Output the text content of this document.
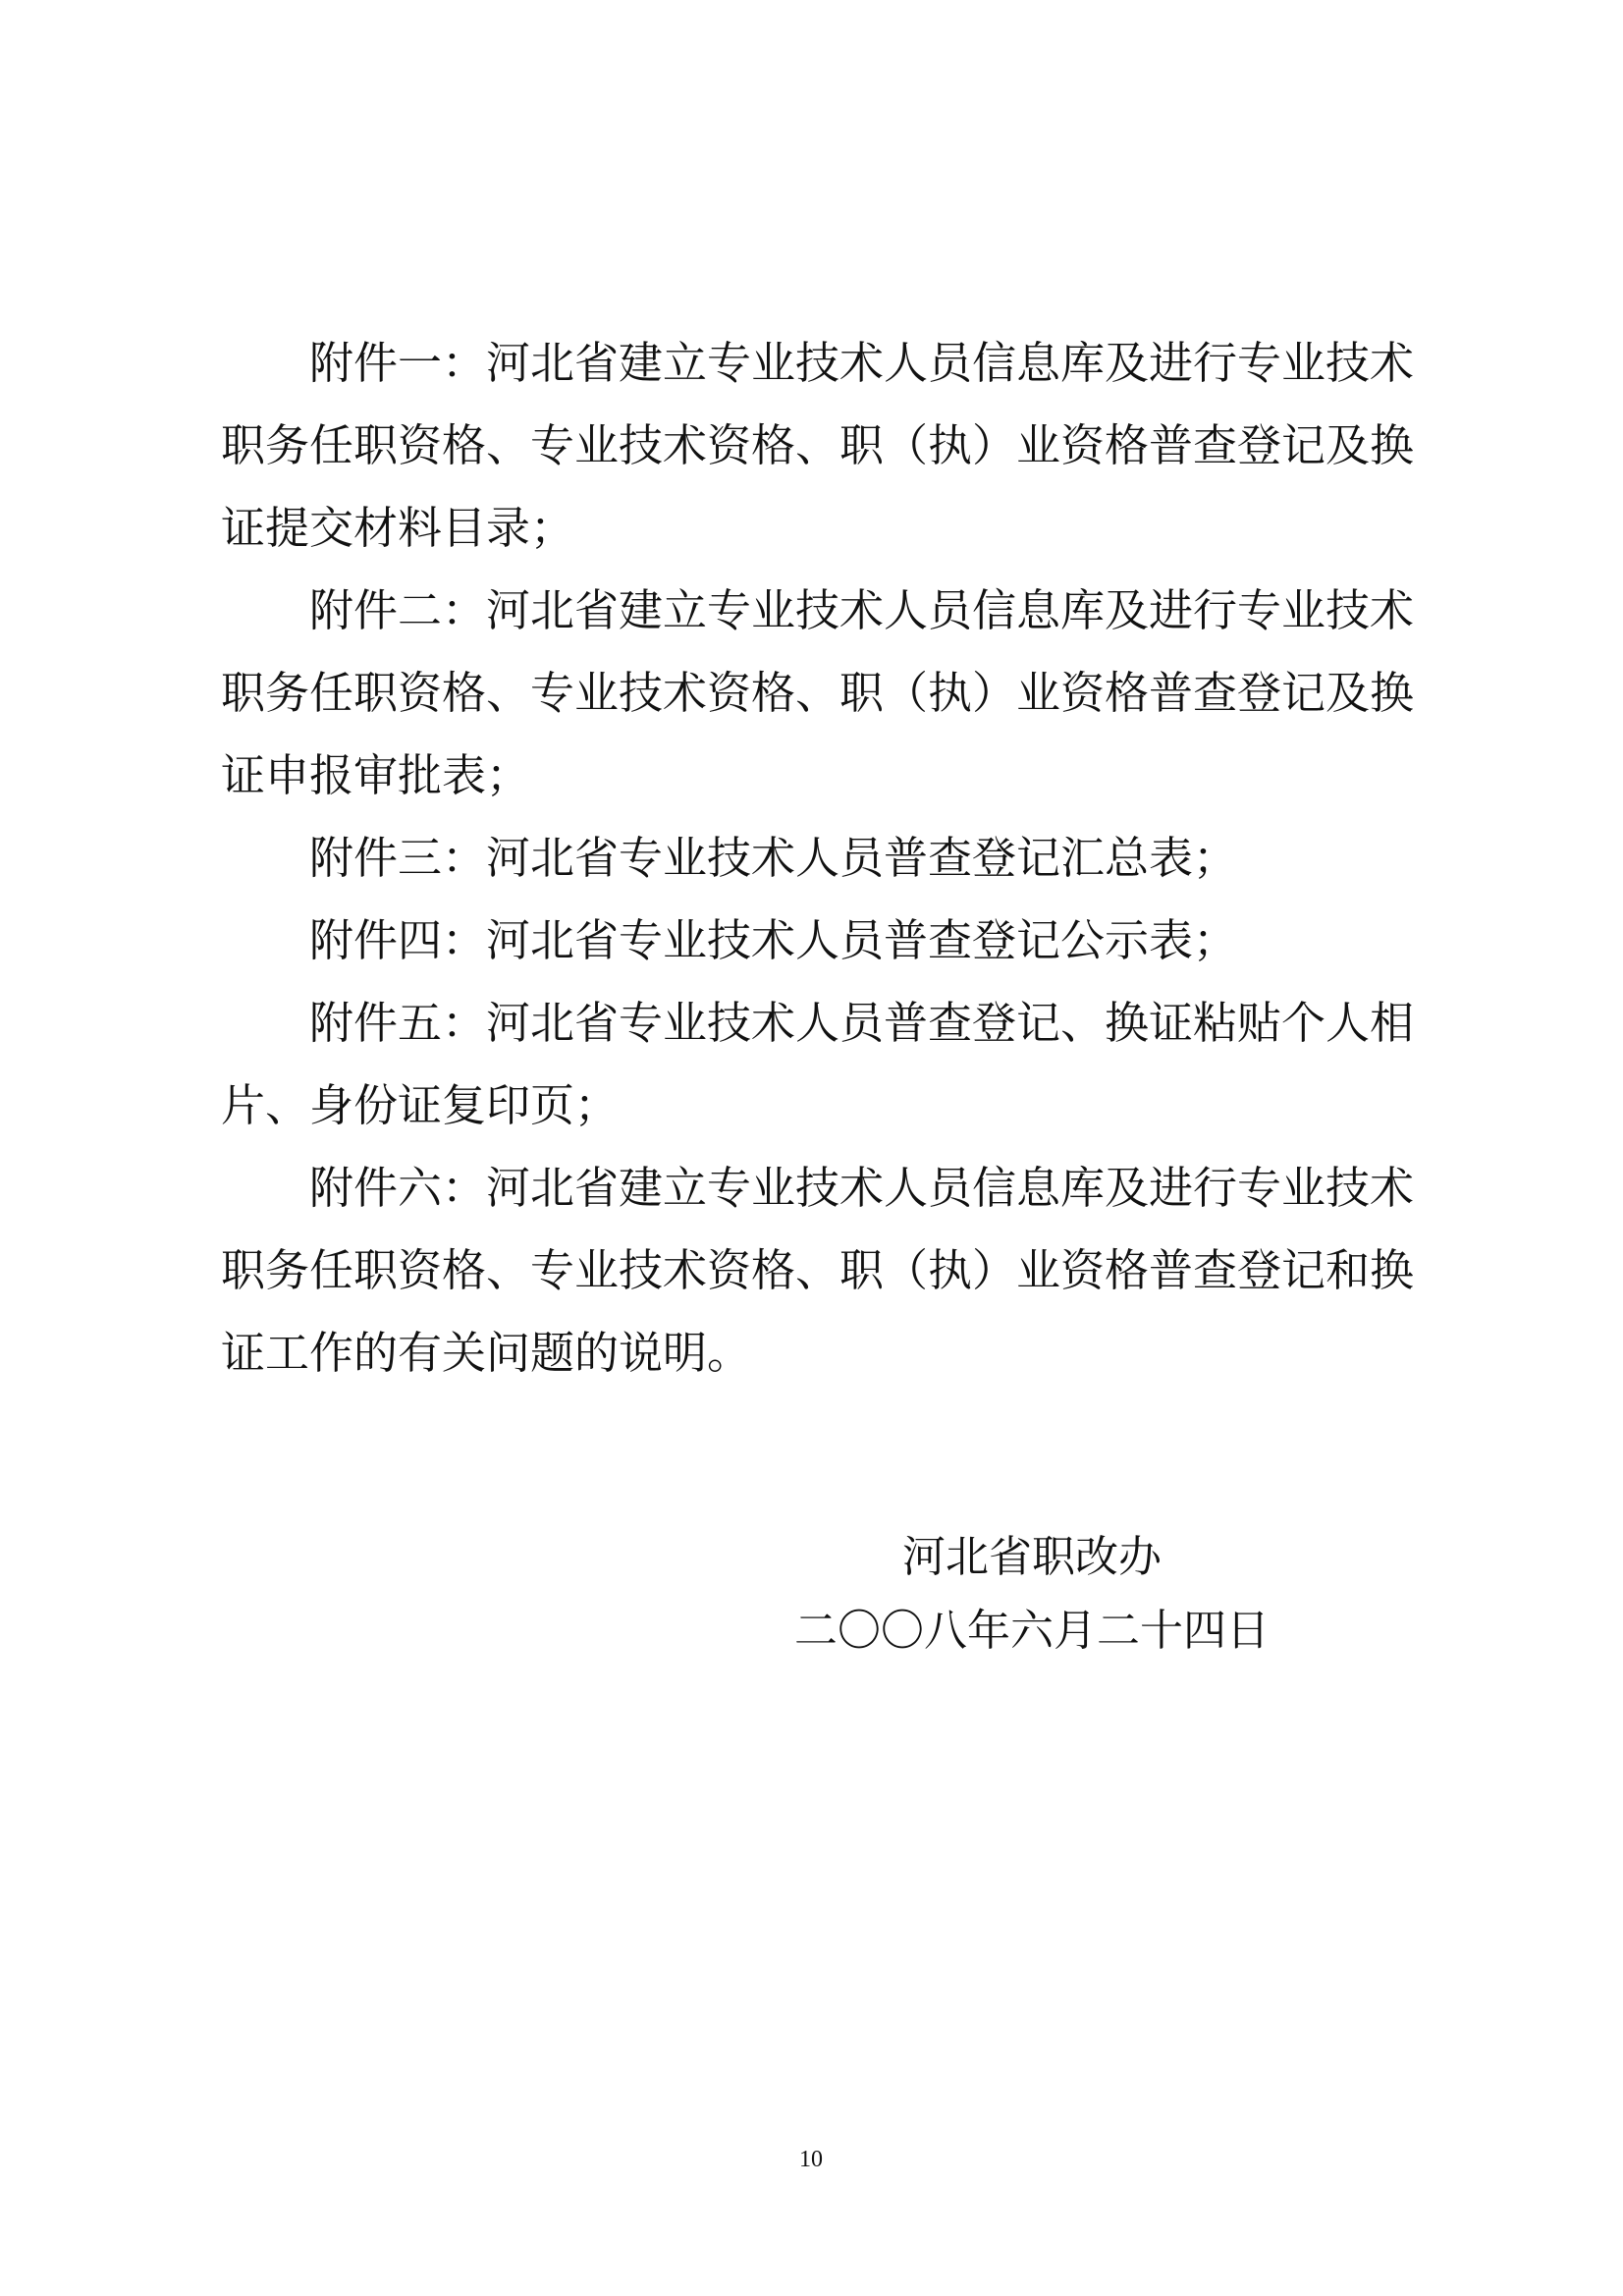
附件一：河北省建立专业技术人员信息库及进行专业技术职务任职资格、专业技术资格、职（执）业资格普查登记及换证提交材料目录；

附件二：河北省建立专业技术人员信息库及进行专业技术职务任职资格、专业技术资格、职（执）业资格普查登记及换证申报审批表；

附件三：河北省专业技术人员普查登记汇总表；

附件四：河北省专业技术人员普查登记公示表；

附件五：河北省专业技术人员普查登记、换证粘贴个人相片、身份证复印页；

附件六：河北省建立专业技术人员信息库及进行专业技术职务任职资格、专业技术资格、职（执）业资格普查登记和换证工作的有关问题的说明。

河北省职改办
二〇〇八年六月二十四日
10
